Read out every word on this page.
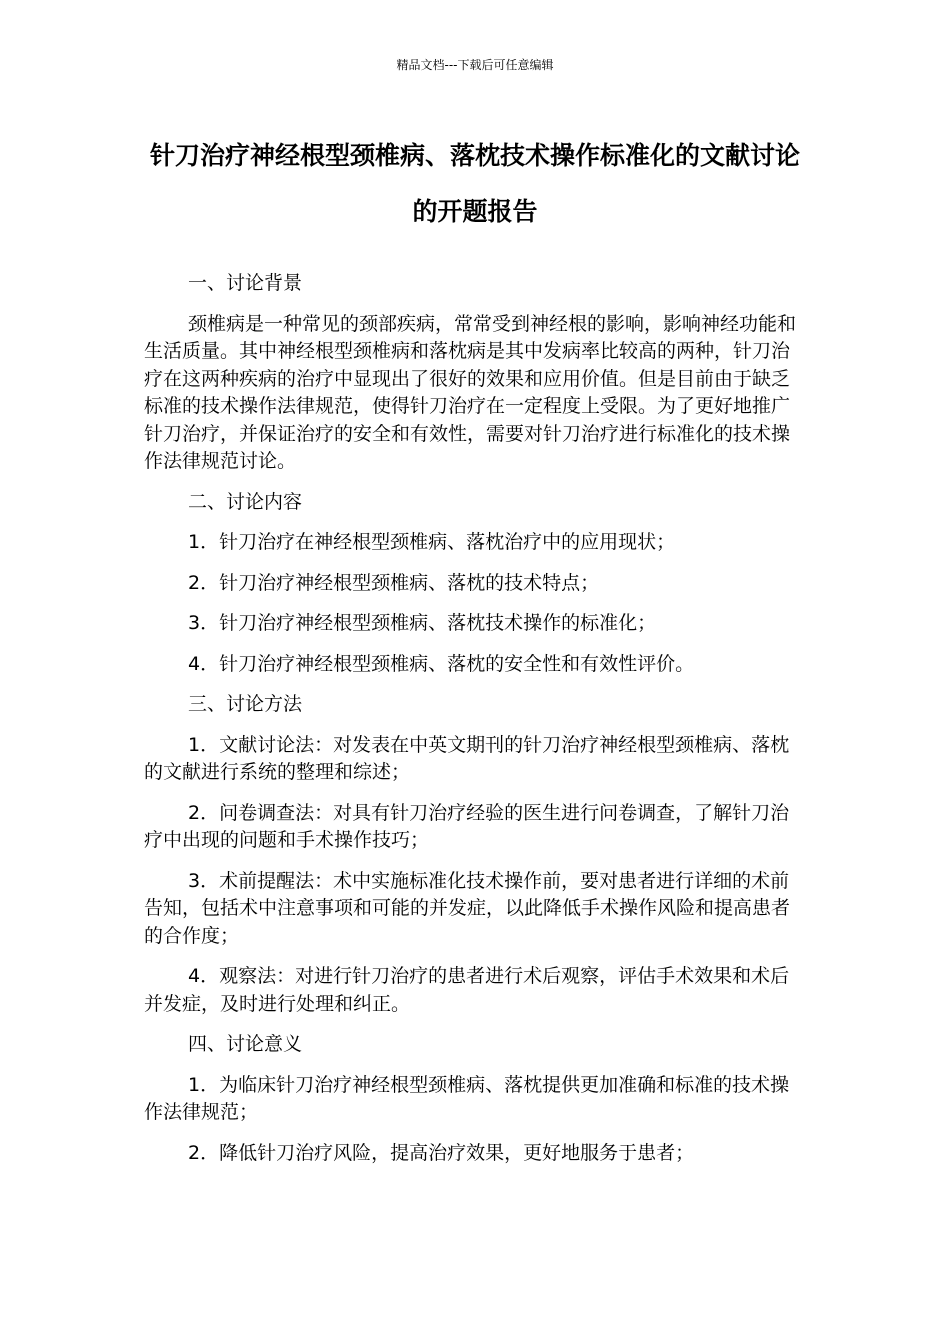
精品文档---下载后可任意编辑
针刀治疗神经根型颈椎病、落枕技术操作标准化的文献讨论的开题报告

一、讨论背景

颈椎病是一种常见的颈部疾病，常常受到神经根的影响，影响神经功能和生活质量。其中神经根型颈椎病和落枕病是其中发病率比较高的两种，针刀治疗在这两种疾病的治疗中显现出了很好的效果和应用价值。但是目前由于缺乏标准的技术操作法律规范，使得针刀治疗在一定程度上受限。为了更好地推广针刀治疗，并保证治疗的安全和有效性，需要对针刀治疗进行标准化的技术操作法律规范讨论。

二、讨论内容

1．针刀治疗在神经根型颈椎病、落枕治疗中的应用现状；

2．针刀治疗神经根型颈椎病、落枕的技术特点；

3．针刀治疗神经根型颈椎病、落枕技术操作的标准化；

4．针刀治疗神经根型颈椎病、落枕的安全性和有效性评价。

三、讨论方法

1．文献讨论法：对发表在中英文期刊的针刀治疗神经根型颈椎病、落枕的文献进行系统的整理和综述；

2．问卷调查法：对具有针刀治疗经验的医生进行问卷调查，了解针刀治疗中出现的问题和手术操作技巧；

3．术前提醒法：术中实施标准化技术操作前，要对患者进行详细的术前告知，包括术中注意事项和可能的并发症，以此降低手术操作风险和提高患者的合作度；

4．观察法：对进行针刀治疗的患者进行术后观察，评估手术效果和术后并发症，及时进行处理和纠正。

四、讨论意义

1．为临床针刀治疗神经根型颈椎病、落枕提供更加准确和标准的技术操作法律规范；

2．降低针刀治疗风险，提高治疗效果，更好地服务于患者；
